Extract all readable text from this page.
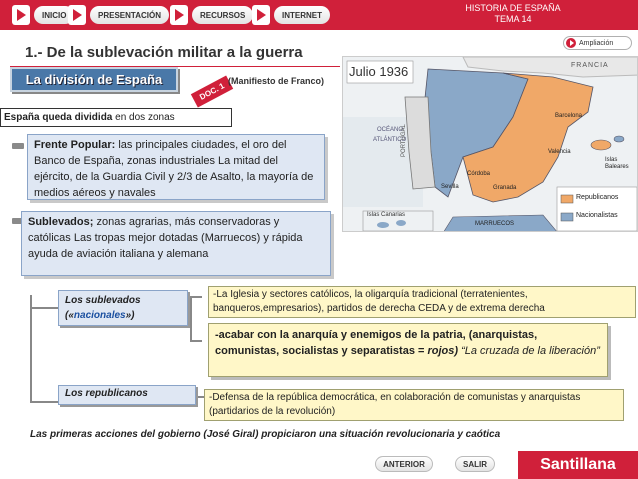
INICIO	PRESENTACIÓN	RECURSOS	INTERNET
HISTORIA DE ESPAÑA
TEMA 14
Ampliación
1.- De la sublevación militar a la guerra
La división de España
DOC. 1
(Manifiesto de Franco)
España queda dividida en dos zonas
Frente Popular: las principales ciudades, el oro del Banco de España, zonas industriales La mitad del ejército, de la Guardia Civil y 2/3 de Asalto, la mayoría de medios aéreos y navales
Sublevados; zonas agrarias, más conservadoras y católicas Las tropas mejor dotadas (Marruecos) y rápida ayuda de aviación italiana y alemana
Julio 1936	FRANCIA
OCÉANO
ATLÁNTICO
PORTUGAL
Islas Canarias
MARRUECOS
Barcelona
Valencia
Córdoba
Sevilla	Granada
Islas Baleares
Republicanos
Nacionalistas
Los sublevados
(«nacionales»)
Los republicanos
-La Iglesia y sectores católicos, la oligarquía tradicional (terratenientes, banqueros,empresarios), partidos de derecha CEDA y de extrema derecha
-acabar con la anarquía y enemigos de la patria, (anarquistas, comunistas, socialistas y separatistas = rojos) “La cruzada de la liberación”
-Defensa de la república democrática, en colaboración de comunistas y anarquistas (partidarios de la revolución)
Las primeras acciones del gobierno (José Giral) propiciaron una situación revolucionaria y caótica
ANTERIOR	SALIR	Santillana
